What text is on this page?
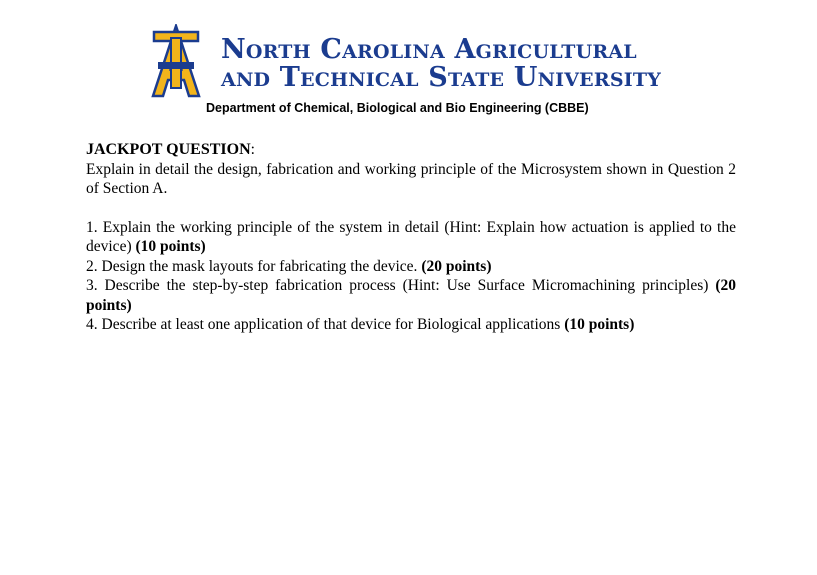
North Carolina Agricultural
and Technical State University
Department of Chemical, Biological and Bio Engineering (CBBE)

JACKPOT QUESTION:

Explain in detail the design, fabrication and working principle of the Microsystem shown in Question 2 of Section A.

1. Explain the working principle of the system in detail (Hint: Explain how actuation is applied to the device) (10 points)

2. Design the mask layouts for fabricating the device. (20 points)

3. Describe the step-by-step fabrication process (Hint: Use Surface Micromachining principles) (20 points)

4. Describe at least one application of that device for Biological applications (10 points)
